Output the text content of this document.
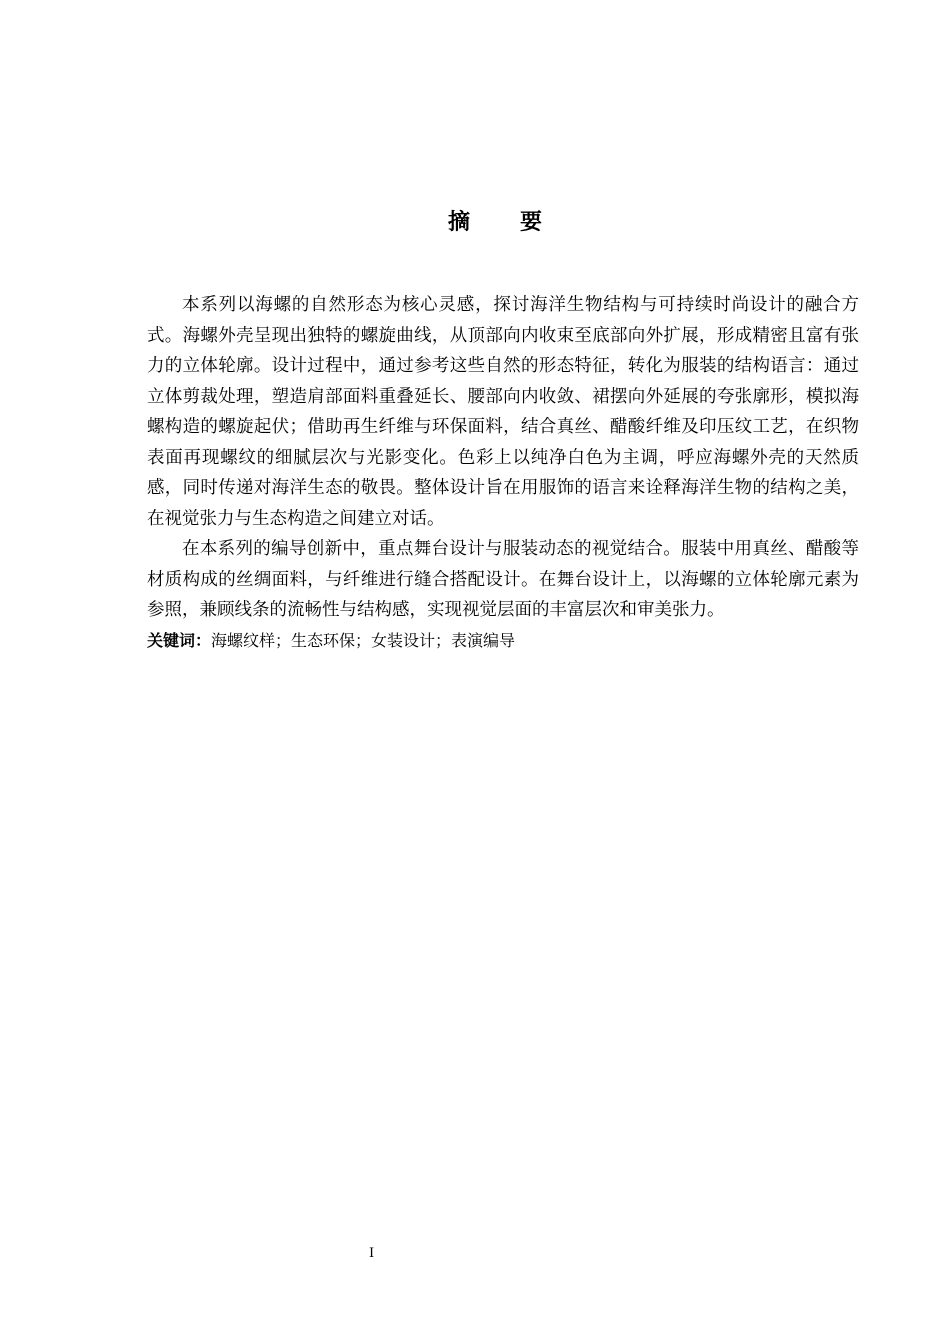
摘要

本系列以海螺的自然形态为核心灵感，探讨海洋生物结构与可持续时尚设计的融合方式。海螺外壳呈现出独特的螺旋曲线，从顶部向内收束至底部向外扩展，形成精密且富有张力的立体轮廓。设计过程中，通过参考这些自然的形态特征，转化为服装的结构语言：通过立体剪裁处理，塑造肩部面料重叠延长、腰部向内收敛、裙摆向外延展的夸张廓形，模拟海螺构造的螺旋起伏；借助再生纤维与环保面料，结合真丝、醋酸纤维及印压纹工艺，在织物表面再现螺纹的细腻层次与光影变化。色彩上以纯净白色为主调，呼应海螺外壳的天然质感，同时传递对海洋生态的敬畏。整体设计旨在用服饰的语言来诠释海洋生物的结构之美，在视觉张力与生态构造之间建立对话。

在本系列的编导创新中，重点舞台设计与服装动态的视觉结合。服装中用真丝、醋酸等材质构成的丝绸面料，与纤维进行缝合搭配设计。在舞台设计上，以海螺的立体轮廓元素为参照，兼顾线条的流畅性与结构感，实现视觉层面的丰富层次和审美张力。

关键词：海螺纹样；生态环保；女装设计；表演编导

I
